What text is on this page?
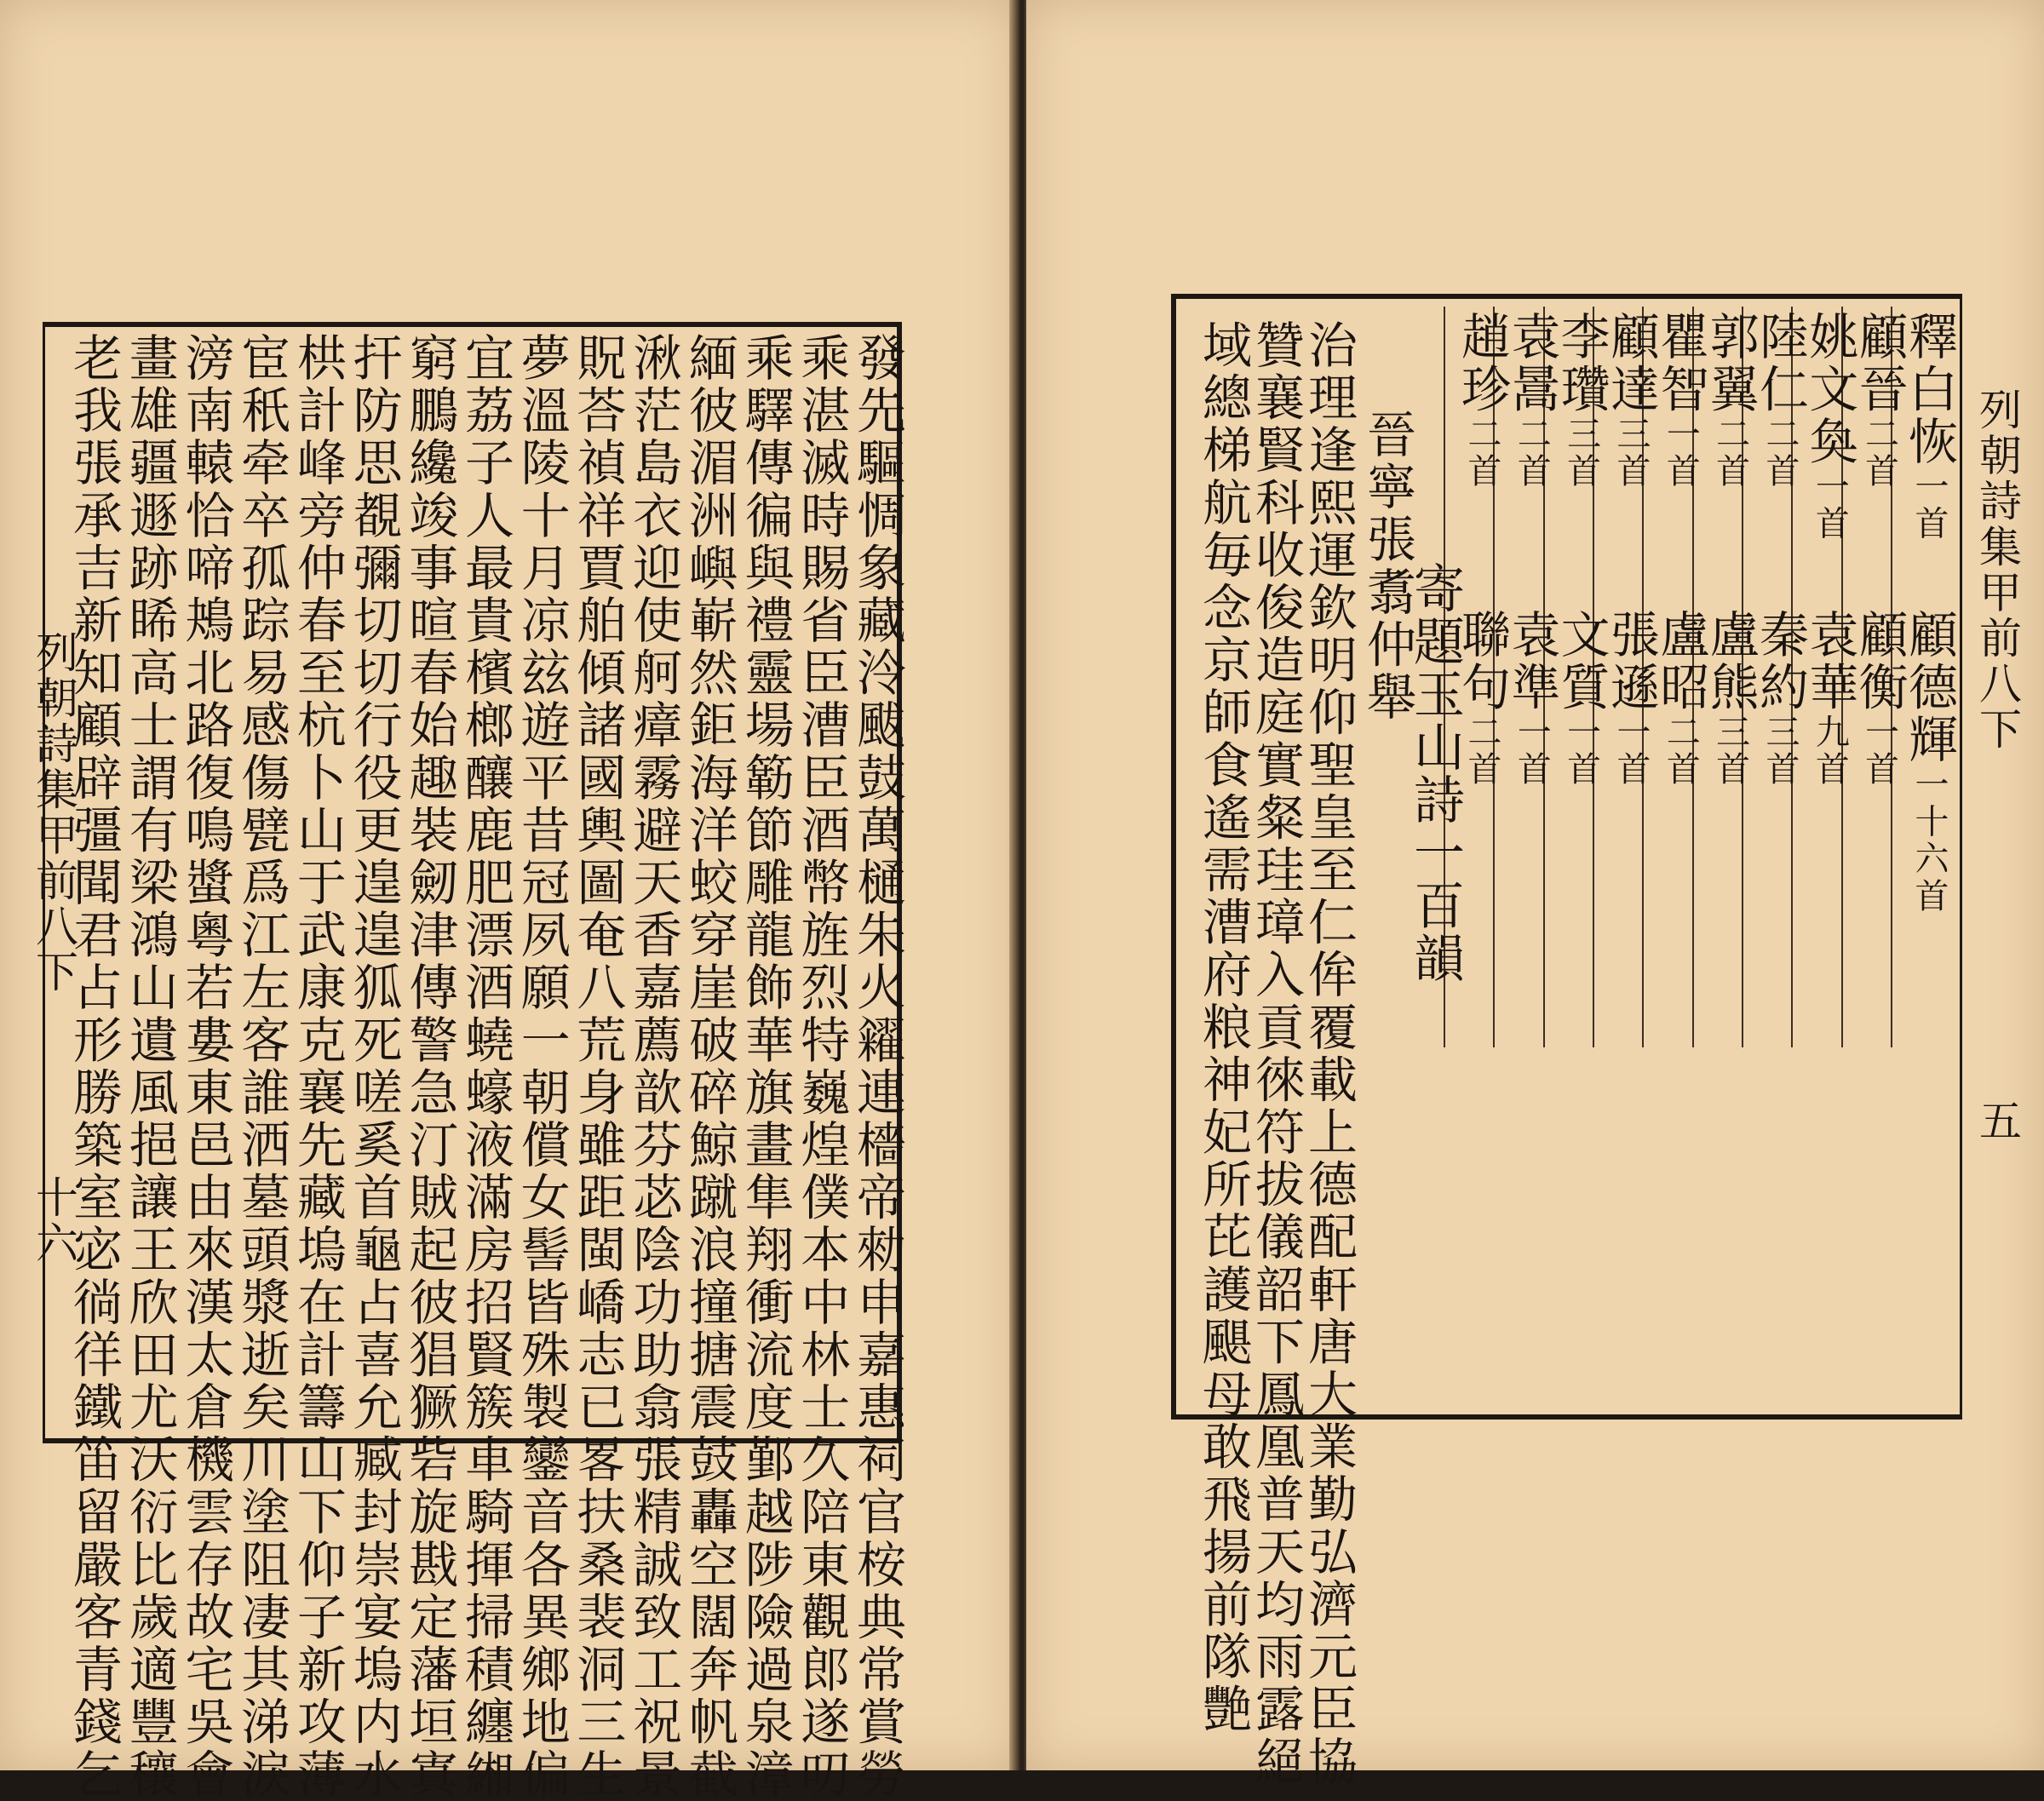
發先驅惆象藏泠颰鼓萬樋朱火糴連檣帝勑申嘉惠祠官桉典常賞勞
乘湛滅時賜省臣漕臣酒幣旌烈特巍煌僕本中林士久陪東觀郎遂叨
乘驛傳徧與禮靈場簕節雕龍飾華旗畫隼翔衝流度鄞越陟險過泉漳
緬彼湄洲嶼嶄然鉅海洋蛟穿崖破碎鯨蹴浪撞搪震鼓轟空闊奔帆截
湫茫島衣迎使舸瘴霧避天香嘉薦歆芬苾陰功助翕張精誠致工祝景
貺荅禎祥賈舶傾諸國輿圖奄八荒身雖距閩嶠志已畧扶桑裴洞三生
夢溫陵十月凉玆遊平昔冠夙願一朝償女髻皆殊製鑾音各異鄉地偏
宜荔子人最貴檳榔釀鹿肥漂酒蟯蠔液滿房招賢簇車騎揮掃積纏緗
窮鵬纔竣事暄春始趣裝劒津傳警急汀賊起彼猖獗砦旋戡定藩垣寘
扞防思覩彌切切行役更遑遑狐死嗟奚首龜占喜允臧封崇宴塢内水
栱計峰旁仲春至杭卜山于武康克襄先藏塢在計籌山下仰子新攻薄
宦秖牵卒孤踪易感傷甓爲江左客誰洒墓頭漿逝矣川塗阻凄其涕淚
滂南轅恰啼鴂北路復鳴螿粵若婁東邑由來漢太倉機雲存故宅吳會
畫雄疆遯跡睎高士謂有梁鴻山遺風挹讓王欣田尤沃衍比歲適豐穰
老我張承吉新知顧辟彊聞君占形勝築室宓徜徉鐵笛留嚴客青錢乞
列朝詩集甲前八下
十六
列朝詩集甲前八下
五
釋白恢一首
顧晉二首
姚文奐一首
陸仁二首
郭翼二首
瞿智一首
顧達三首
李瓚三首
袁暠二首
趙珍二首
顧德輝一十六首
顧衡一首
袁華九首
秦約三首
盧熊三首
盧昭二首
張遜一首
文質一首
袁準一首
聯句二首
寄題玉山詩一百韻
晉寧張翥仲舉
治理逢熙運欽明仰聖皇至仁侔覆載上德配軒唐大業勤弘濟元臣協
贊襄賢科收俊造庭實粲珪璋入貢徠符拔儀韶下鳳凰普天均雨露絕
域總梯航毎念京師食遙需漕府粮神妃所芘護颶母敢飛揚前隊艷
